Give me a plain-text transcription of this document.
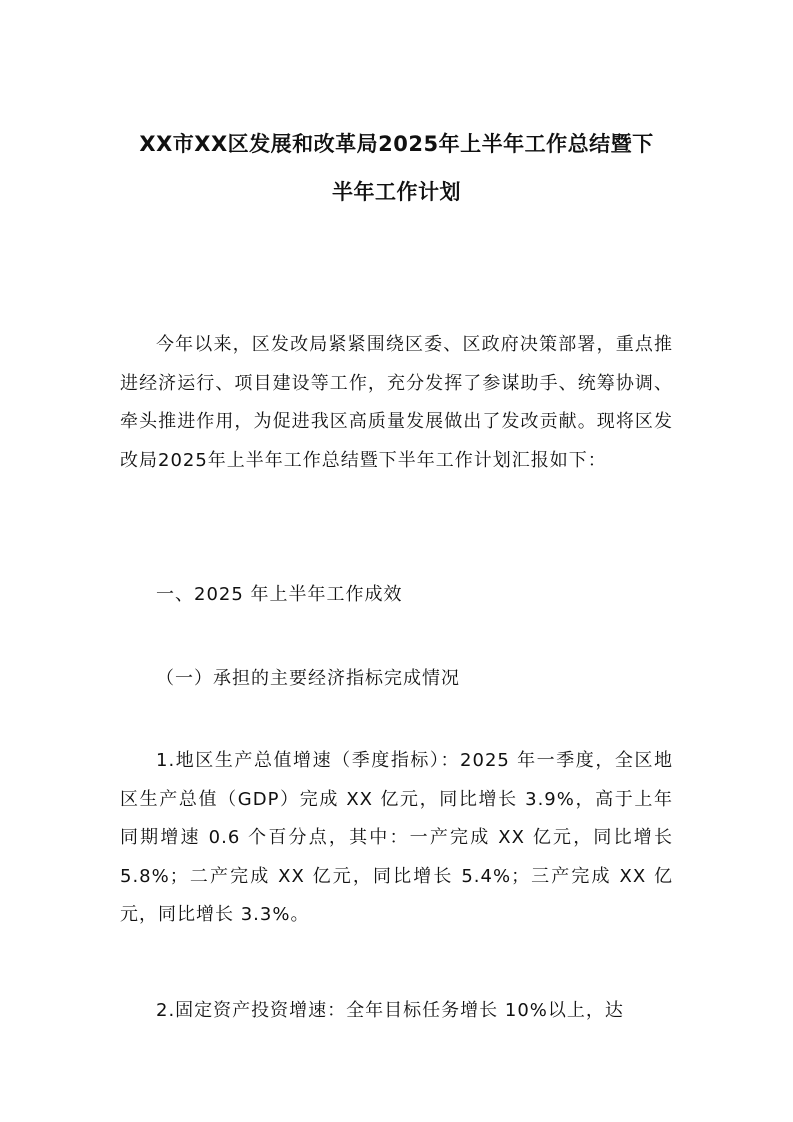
XX市XX区发展和改革局2025年上半年工作总结暨下
半年工作计划

今年以来，区发改局紧紧围绕区委、区政府决策部署，重点推进经济运行、项目建设等工作，充分发挥了参谋助手、统筹协调、牵头推进作用，为促进我区高质量发展做出了发改贡献。现将区发改局2025年上半年工作总结暨下半年工作计划汇报如下：

一、2025 年上半年工作成效

（一）承担的主要经济指标完成情况

1.地区生产总值增速（季度指标）：2025 年一季度，全区地区生产总值（GDP）完成 XX 亿元，同比增长 3.9%，高于上年同期增速 0.6 个百分点，其中：一产完成 XX 亿元，同比增长 5.8%；二产完成 XX 亿元，同比增长 5.4%；三产完成 XX 亿元，同比增长 3.3%。

2.固定资产投资增速：全年目标任务增长 10%以上，达
